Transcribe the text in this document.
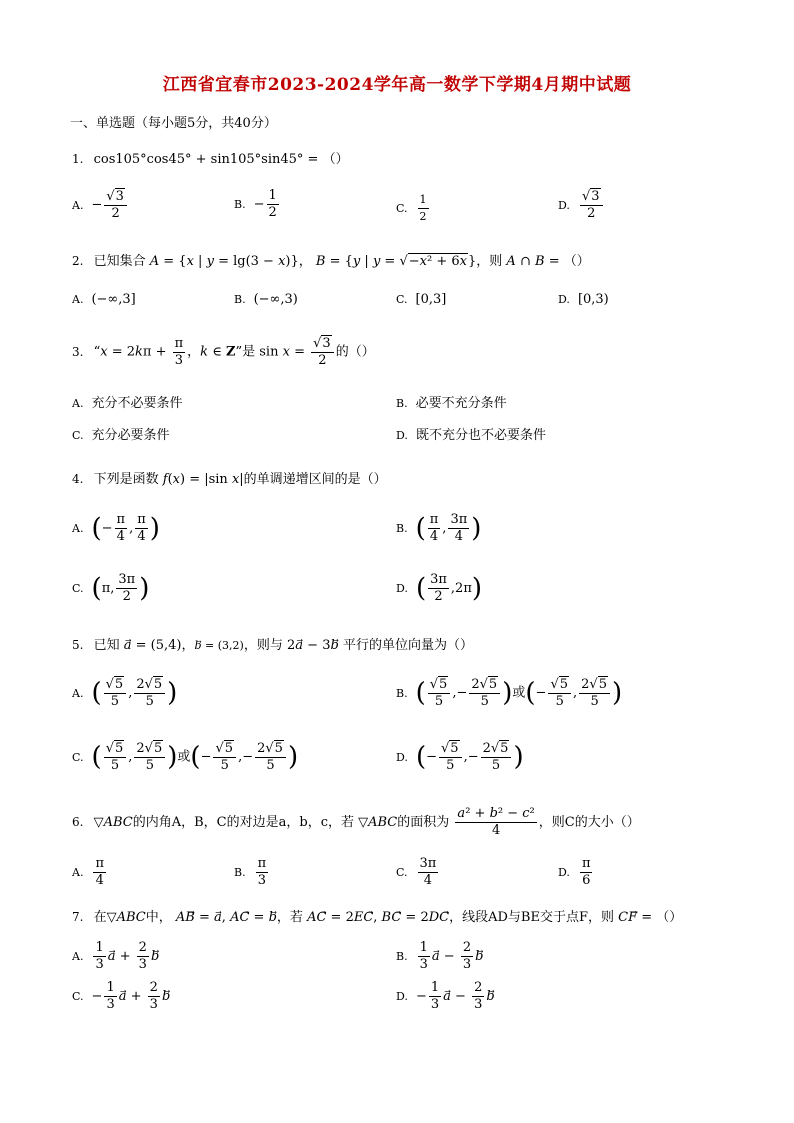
江西省宜春市2023-2024学年高一数学下学期4月期中试题
一、单选题（每小题5分，共40分）
1. cos105°cos45° + sin105°sin45° = （）
A. − $\frac{√3}{2}$	B. − $\frac{1}{2}$	C. $\frac{1}{2}$	D. $\frac{√3}{2}$
2. 已知集合 A = {x | y = lg(3 − x)}， B = {y | y = √−x² + 6x}，则 A ∩ B = （）
A. (−∞,3]	B. (−∞,3)	C. [0,3]	D. [0,3)
3. “$x = 2k\pi + \frac{\pi}{3}$ ，k ∈ Z”是 $\sin x = \frac{√3}{2}$ 的（）
A. 充分不必要条件	B. 必要不充分条件
C. 充分必要条件	D. 既不充分也不必要条件
4. 下列是函数 f(x) = |sin x|的单调递增区间的是（）
A. (− $\frac{\pi}{4}$ , $\frac{\pi}{4}$ )	B. ( $\frac{\pi}{4}$ , $\frac{3\pi}{4}$ )
C. (π, $\frac{3\pi}{2}$ )	D. ( $\frac{3\pi}{2} ,2\pi$)
5. 已知 a⃗ = (5,4)，b⃗ = (3,2)，则与 2a⃗ − 3b⃗ 平行的单位向量为（）
A. ( $\frac{√5}{5}$ , $\frac{2√5}{5}$ )	B. ( $\frac{√5}{5}$ ,− $\frac{2√5}{5}$ )或(− $\frac{√5}{5}$ , $\frac{2√5}{5}$ )
C. ( $\frac{√5}{5}$ , $\frac{2√5}{5}$ )或(− $\frac{√5}{5}$ ,− $\frac{2√5}{5}$ )	D. (− $\frac{√5}{5}$ ,− $\frac{2√5}{5}$ )
6. ▽ABC的内角A，B，C的对边是a，b，c，若 ▽ABC的面积为 $\frac{\text{a² + b² − c²}}{4}$ ，则C的大小（）
A. $\frac{\pi}{4}$	B. $\frac{\pi}{3}$	C. $\frac{3\pi}{4}$	D. $\frac{\pi}{6}$
7. 在▽ABC中， AB⃗ = a⃗, AC⃗ = b，若 AC⃗ = 2EC⃗, BC⃗ = 2DC，线段AD与BE交于点F，则 CF⃗ = （）
A. $\frac{1}{3}$ a⃗ + $\frac{2}{3}$ b	B. $\frac{1}{3}$ a⃗ − $\frac{2}{3}$ b
C. − $\frac{1}{3}$ a⃗ + $\frac{2}{3}$ b	D. − $\frac{1}{3}$ a⃗ − $\frac{2}{3}$ b
